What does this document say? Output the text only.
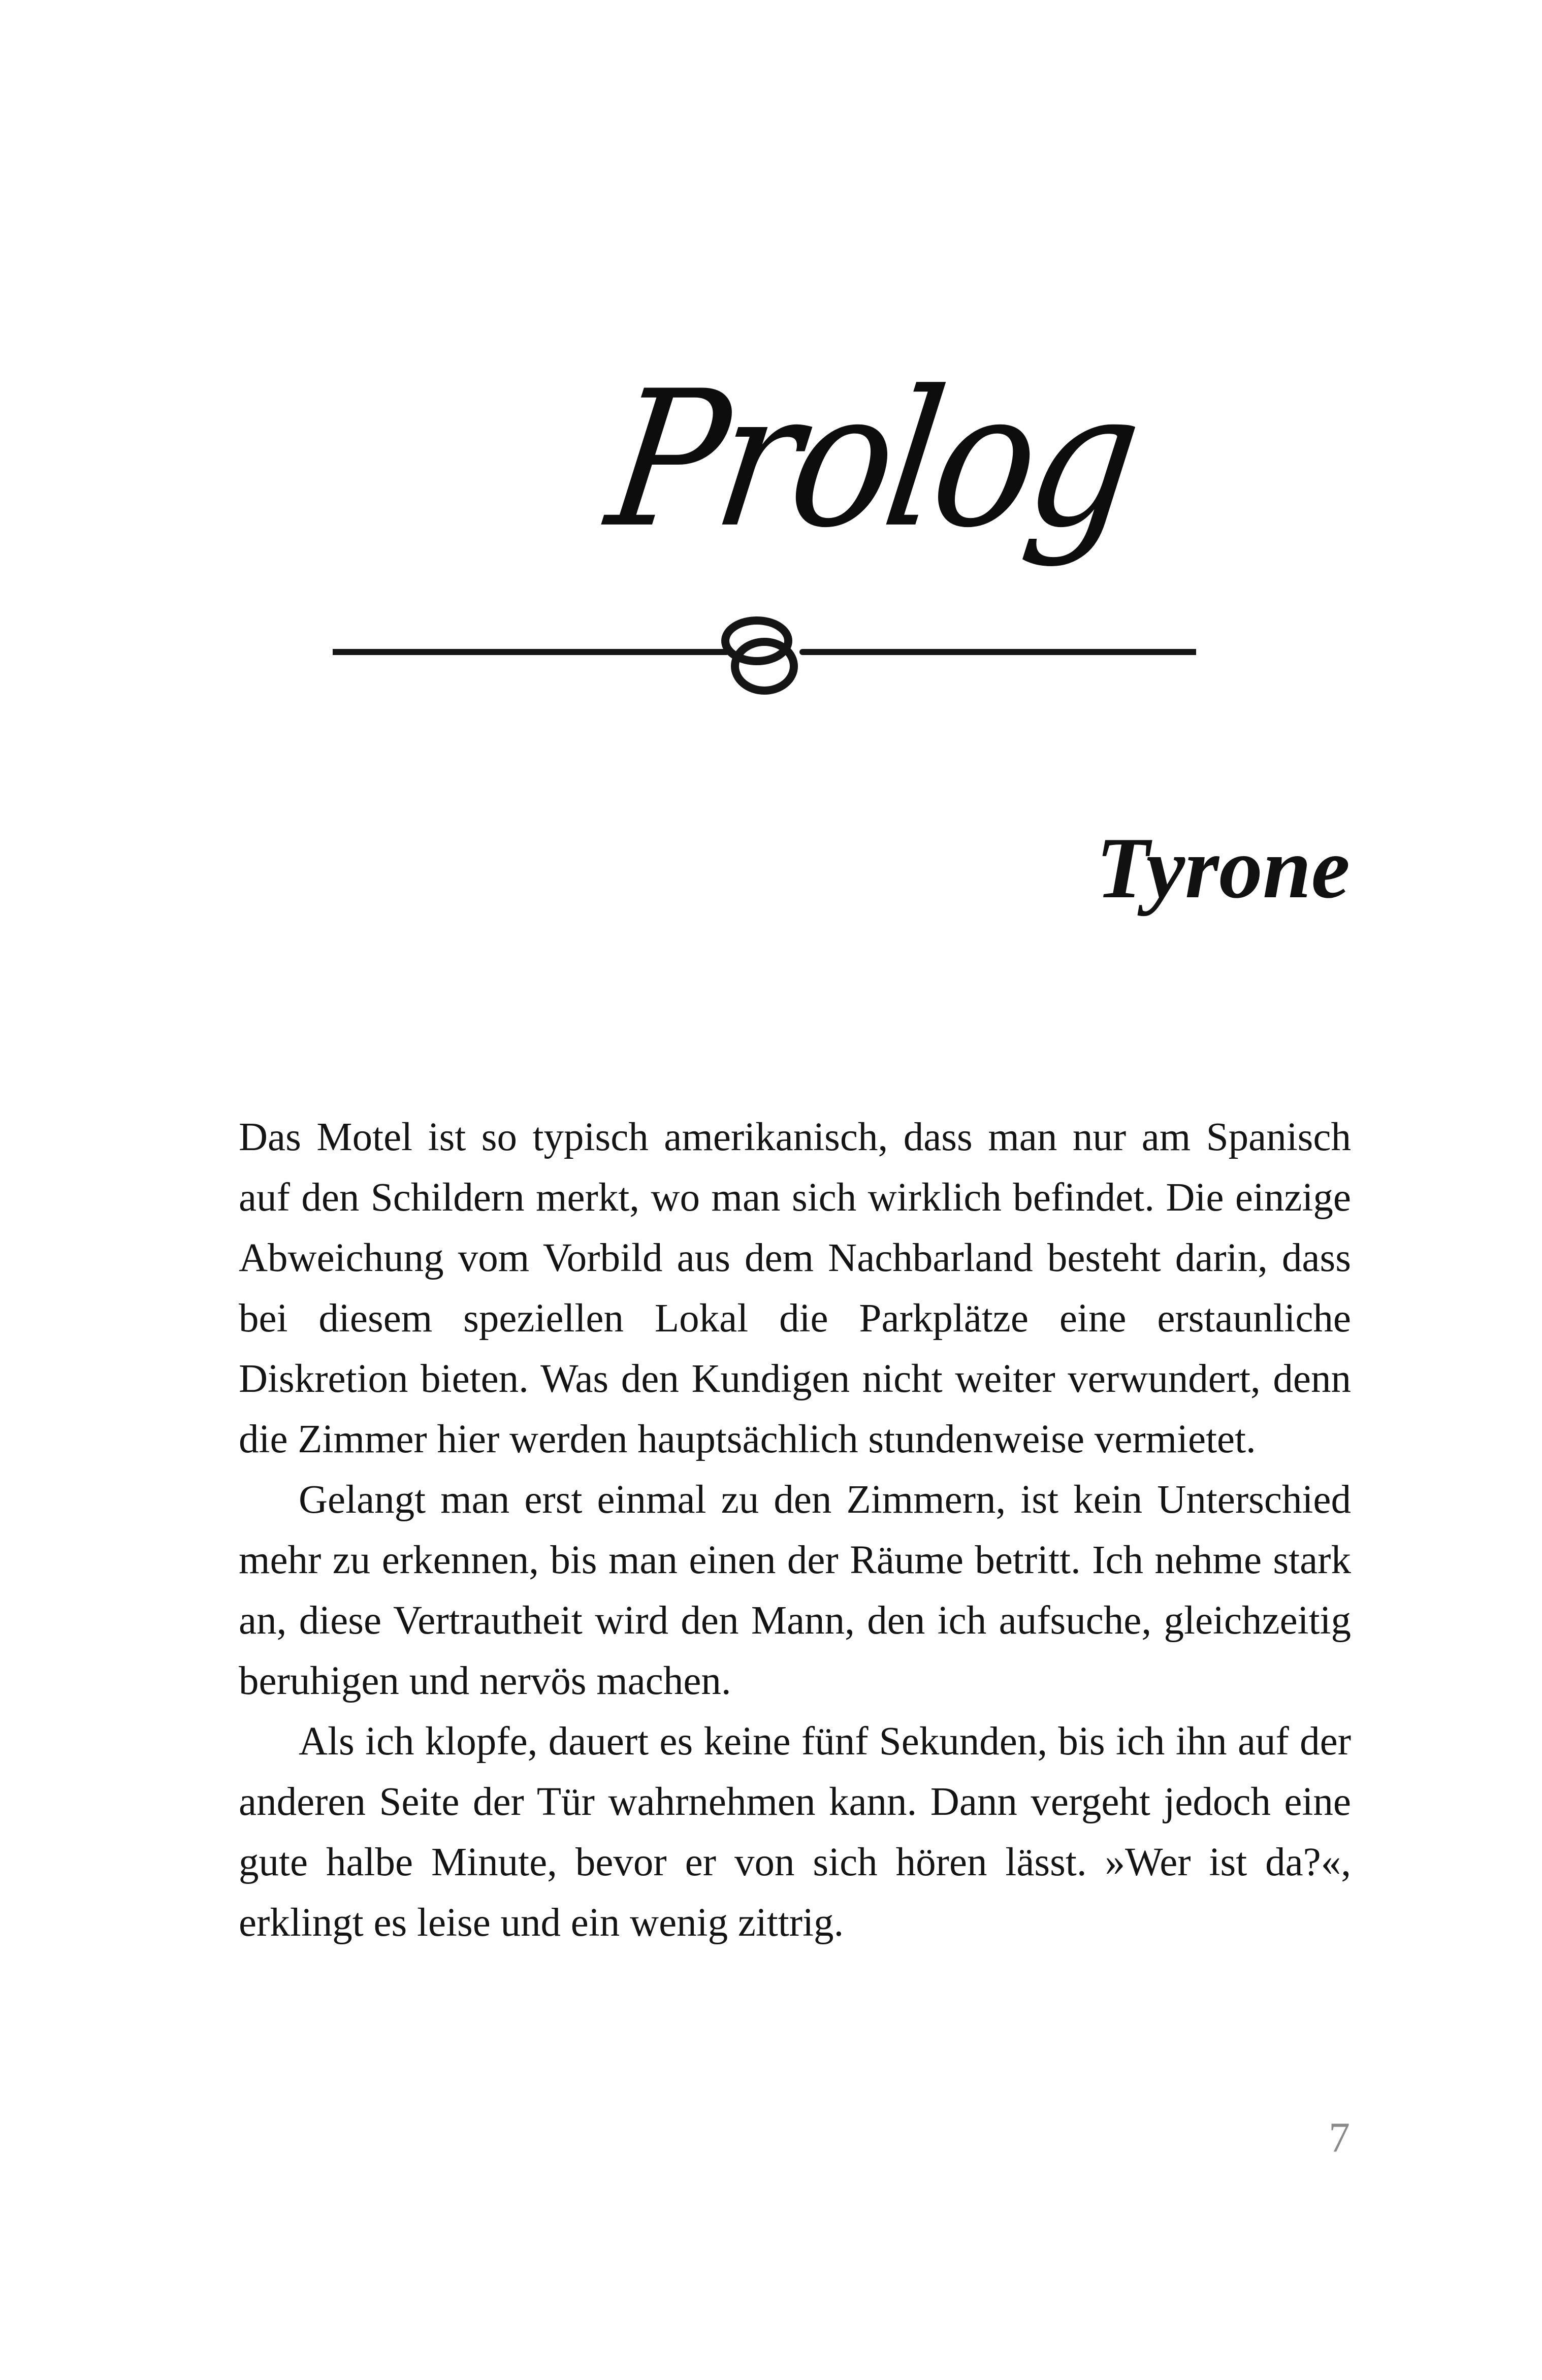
Prolog
Tyrone

Das Motel ist so typisch amerikanisch, dass man nur am Spanisch auf den Schildern merkt, wo man sich wirklich befindet. Die einzige Abweichung vom Vorbild aus dem Nachbarland besteht darin, dass bei diesem speziellen Lokal die Parkplätze eine erstaunliche Diskretion bieten. Was den Kundigen nicht weiter verwundert, denn die Zimmer hier werden hauptsächlich stundenweise vermietet.

Gelangt man erst einmal zu den Zimmern, ist kein Unterschied mehr zu erkennen, bis man einen der Räume betritt. Ich nehme stark an, diese Vertrautheit wird den Mann, den ich aufsuche, gleichzeitig beruhigen und nervös machen.

Als ich klopfe, dauert es keine fünf Sekunden, bis ich ihn auf der anderen Seite der Tür wahrnehmen kann. Dann vergeht jedoch eine gute halbe Minute, bevor er von sich hören lässt. »Wer ist da?«, erklingt es leise und ein wenig zittrig.

7
